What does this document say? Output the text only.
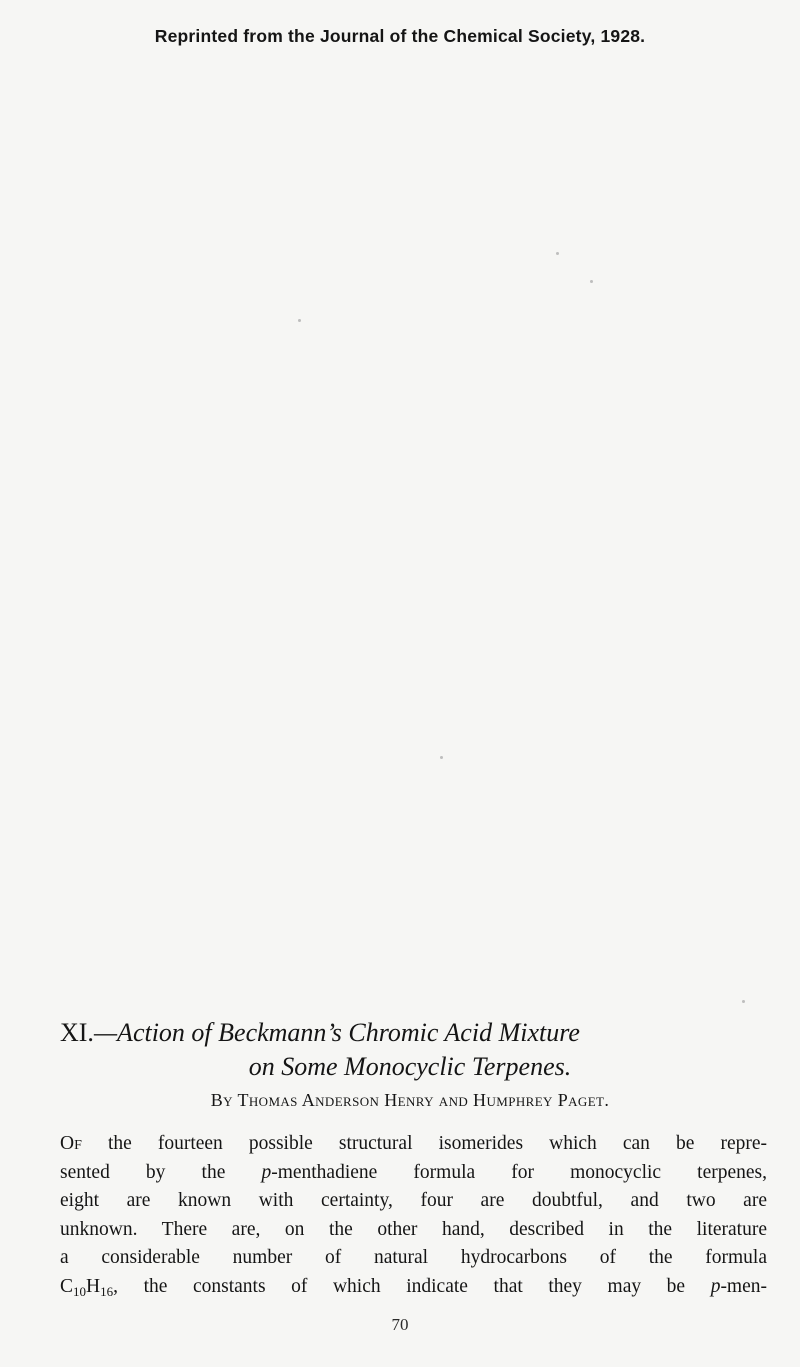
Reprinted from the Journal of the Chemical Society, 1928.
XI.—Action of Beckmann’s Chromic Acid Mixture
on Some Monocyclic Terpenes.
By Thomas Anderson Henry and Humphrey Paget.
Of the fourteen possible structural isomerides which can be repre-
sented by the p-menthadiene formula for monocyclic terpenes,
eight are known with certainty, four are doubtful, and two are
unknown. There are, on the other hand, described in the literature
a considerable number of natural hydrocarbons of the formula
$C_{10}H_{16}$, the constants of which indicate that they may be p-men-
70
